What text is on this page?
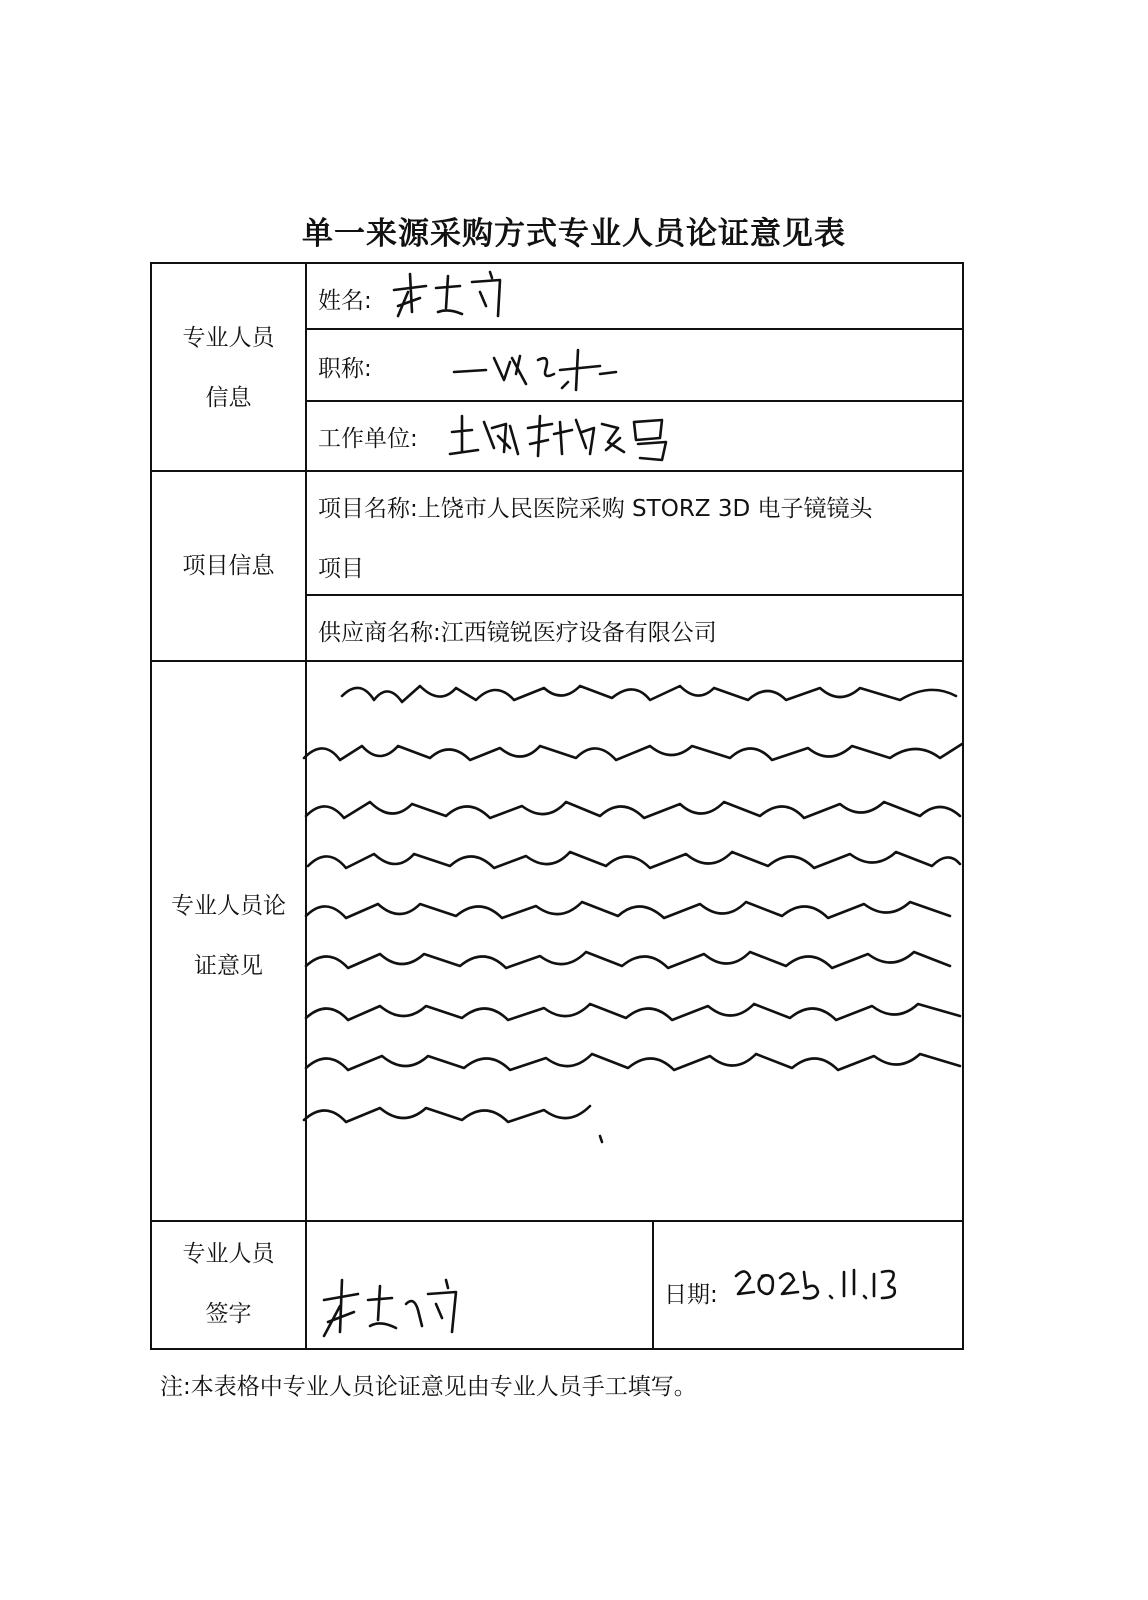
单一来源采购方式专业人员论证意见表
专业人员
信息
项目信息
专业人员论
证意见
专业人员
签字
姓名:
职称:
工作单位:
项目名称:上饶市人民医院采购 STORZ 3D 电子镜镜头
项目
供应商名称:江西镜锐医疗设备有限公司
日期:
注:本表格中专业人员论证意见由专业人员手工填写。
